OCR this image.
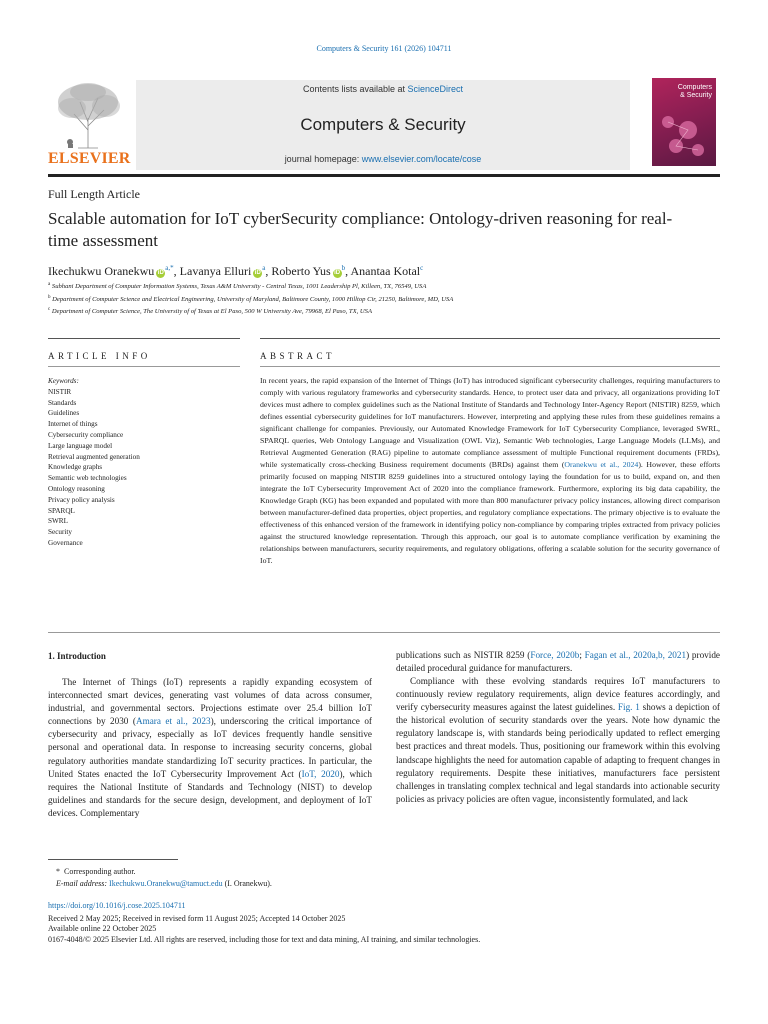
Computers & Security 161 (2026) 104711
ELSEVIER
Contents lists available at ScienceDirect
Computers & Security
journal homepage: www.elsevier.com/locate/cose
Computers
& Security
Full Length Article
Scalable automation for IoT cyberSecurity compliance: Ontology-driven reasoning for real-time assessment
Ikechukwu Oranekwu $iD^{a,*}$, Lavanya Elluri $iD^a$, Roberto Yus $iD^b$, Anantaa Kotal$^c$
$^a$ Subhani Department of Computer Information Systems, Texas A&M University - Central Texas, 1001 Leadership Pl, Killeen, TX, 76549, USA
$^b$ Department of Computer Science and Electrical Engineering, University of Maryland, Baltimore County, 1000 Hilltop Cir, 21250, Baltimore, MD, USA
$^c$ Department of Computer Science, The University of of Texas at El Paso, 500 W University Ave, 79968, El Paso, TX, USA
ARTICLE INFO	ABSTRACT
Keywords:
NISTIR
Standards
Guidelines
Internet of things
Cybersecurity compliance
Large language model
Retrieval augmented generation
Knowledge graphs
Semantic web technologies
Ontology reasoning
Privacy policy analysis
SPARQL
SWRL
Security
Governance
In recent years, the rapid expansion of the Internet of Things (IoT) has introduced significant cybersecurity challenges, requiring manufacturers to comply with various regulatory frameworks and cybersecurity standards. Hence, to protect user data and privacy, all organizations providing IoT devices must adhere to complex guidelines such as the National Institute of Standards and Technology Inter-Agency Report (NISTIR) 8259, which defines essential cybersecurity guidelines for IoT manufacturers. However, interpreting and applying these rules from these guidelines remains a significant challenge for companies. Previously, our Automated Knowledge Framework for IoT Cybersecurity Compliance, leveraged SWRL, SPARQL queries, Web Ontology Language and Visualization (OWL Viz), Semantic Web technologies, Large Language Models (LLMs), and Retrieval Augmented Generation (RAG) pipeline to automate compliance assessment of multiple Functional requirement documents (FRDs), while systematically cross-checking Business requirement documents (BRDs) against them (Oranekwu et al., 2024). However, these efforts primarily focused on mapping NISTIR 8259 guidelines into a structured ontology laying the foundation for us to build, expand on, and then integrate the IoT Cybersecurity Improvement Act of 2020 into the compliance framework. Furthermore, exploring its big data capability, the Knowledge Graph (KG) has been expanded and populated with more than 800 manufacturer privacy policy instances, allowing direct comparison between manufacturer-defined data properties, object properties, and regulatory compliance expectations. The primary objective is to evaluate the effectiveness of this enhanced version of the framework in identifying policy non-compliance by comparing triples extracted from privacy policies against the structured knowledge representation. Through this approach, our goal is to automate compliance verification by examining the relationships between manufacturers, security requirements, and regulatory obligations, offering a scalable solution for the security governance of IoT.
1. Introduction
The Internet of Things (IoT) represents a rapidly expanding ecosystem of interconnected smart devices, generating vast volumes of data across consumer, industrial, and governmental sectors. Projections estimate over 25.4 billion IoT connections by 2030 (Amara et al., 2023), underscoring the critical importance of cybersecurity and privacy, especially as IoT devices frequently handle sensitive personal and operational data. In response to increasing security concerns, global regulatory authorities mandate standardizing IoT security practices. In particular, the United States enacted the IoT Cybersecurity Improvement Act (IoT, 2020), which requires the National Institute of Standards and Technology (NIST) to develop guidelines and standards for the secure design, development, and deployment of IoT devices. Complementary
publications such as NISTIR 8259 (Force, 2020b; Fagan et al., 2020a,b, 2021) provide detailed procedural guidance for manufacturers.
Compliance with these evolving standards requires IoT manufacturers to continuously review regulatory requirements, align device features accordingly, and verify cybersecurity measures against the latest guidelines. Fig. 1 shows a depiction of the historical evolution of security standards over the years. Note how dynamic the regulatory landscape is, with standards being periodically updated to reflect emerging best practices and threat models. Thus, positioning our framework within this evolving landscape highlights the need for automation capable of adapting to frequent changes in regulatory requirements. Despite these initiatives, manufacturers face persistent challenges in translating complex technical and legal standards into actionable security policies as privacy policies are often vague, inconsistently formulated, and lack
* Corresponding author.
E-mail address: Ikechukwu.Oranekwu@tamuct.edu (I. Oranekwu).
https://doi.org/10.1016/j.cose.2025.104711
Received 2 May 2025; Received in revised form 11 August 2025; Accepted 14 October 2025
Available online 22 October 2025
0167-4048/© 2025 Elsevier Ltd. All rights are reserved, including those for text and data mining, AI training, and similar technologies.
